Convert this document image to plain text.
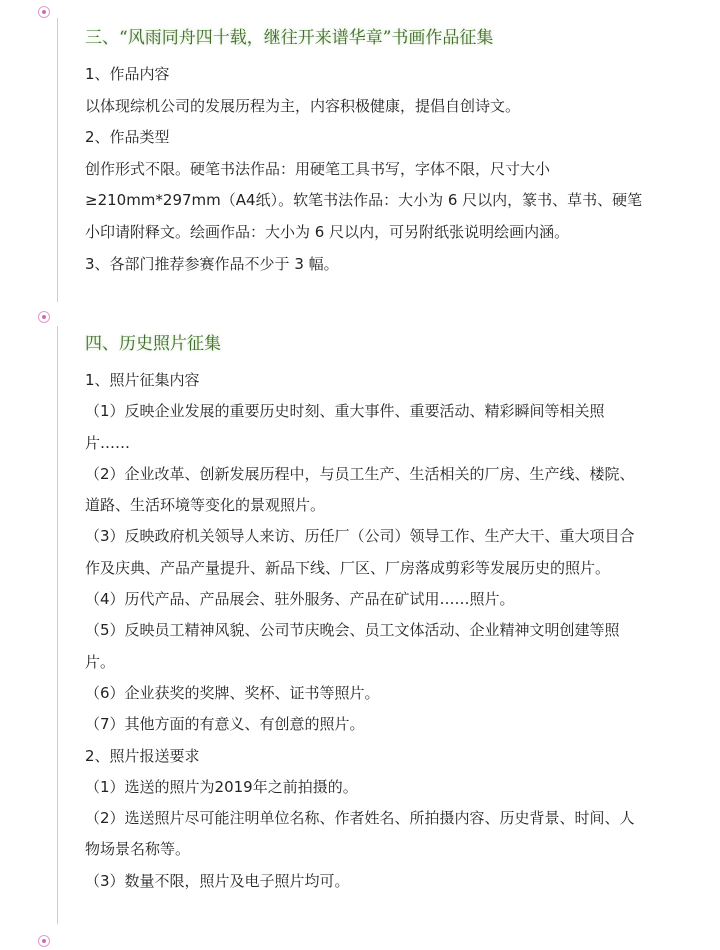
三、“风雨同舟四十载，继往开来谱华章”书画作品征集
1、作品内容
以体现综机公司的发展历程为主，内容积极健康，提倡自创诗文。
2、作品类型
创作形式不限。硬笔书法作品：用硬笔工具书写，字体不限，尺寸大小
≥210mm*297mm（A4纸）。软笔书法作品：大小为 6 尺以内，篆书、草书、硬笔
小印请附释文。绘画作品：大小为 6 尺以内，可另附纸张说明绘画内涵。
3、各部门推荐参赛作品不少于 3 幅。
四、历史照片征集
1、照片征集内容
（1）反映企业发展的重要历史时刻、重大事件、重要活动、精彩瞬间等相关照
片……
（2）企业改革、创新发展历程中，与员工生产、生活相关的厂房、生产线、楼院、
道路、生活环境等变化的景观照片。
（3）反映政府机关领导人来访、历任厂（公司）领导工作、生产大干、重大项目合
作及庆典、产品产量提升、新品下线、厂区、厂房落成剪彩等发展历史的照片。
（4）历代产品、产品展会、驻外服务、产品在矿试用……照片。
（5）反映员工精神风貌、公司节庆晚会、员工文体活动、企业精神文明创建等照
片。
（6）企业获奖的奖牌、奖杯、证书等照片。
（7）其他方面的有意义、有创意的照片。
2、照片报送要求
（1）选送的照片为2019年之前拍摄的。
（2）选送照片尽可能注明单位名称、作者姓名、所拍摄内容、历史背景、时间、人
物场景名称等。
（3）数量不限，照片及电子照片均可。
